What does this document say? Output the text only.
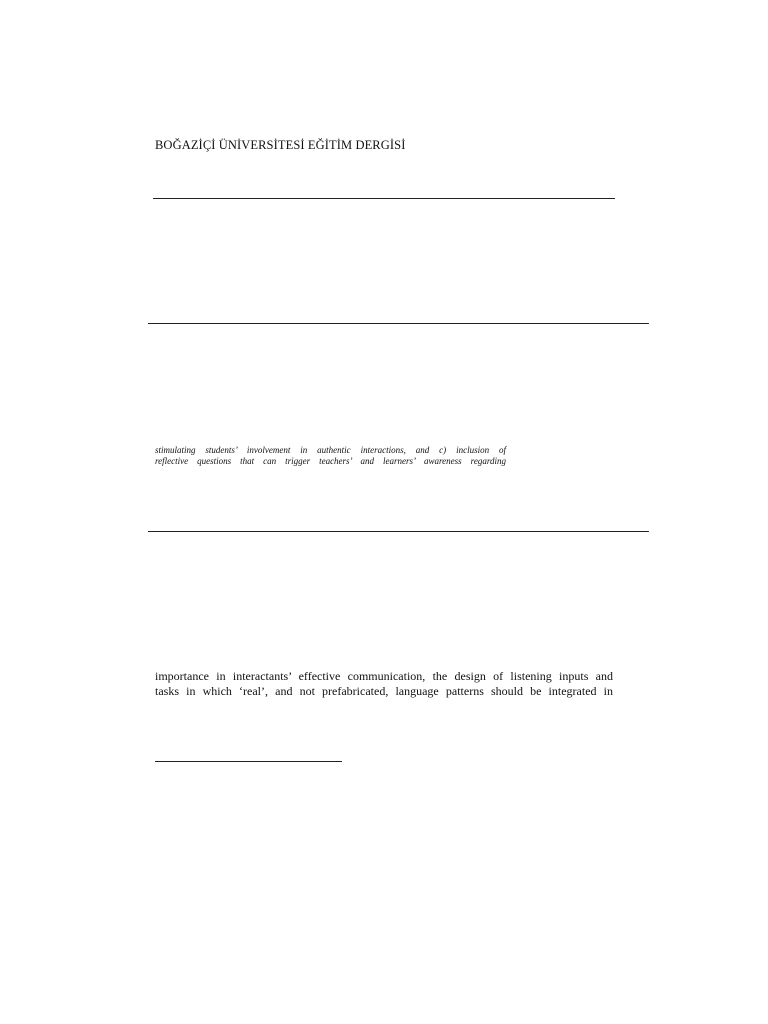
BOĞAZİÇİ ÜNİVERSİTESİ EĞİTİM DERGİSİ
stimulating students’ involvement in authentic interactions, and c) inclusion of
reflective questions that can trigger teachers’ and learners’ awareness regarding
importance in interactants’ effective communication, the design of listening inputs and
tasks in which ‘real’, and not prefabricated, language patterns should be integrated in
